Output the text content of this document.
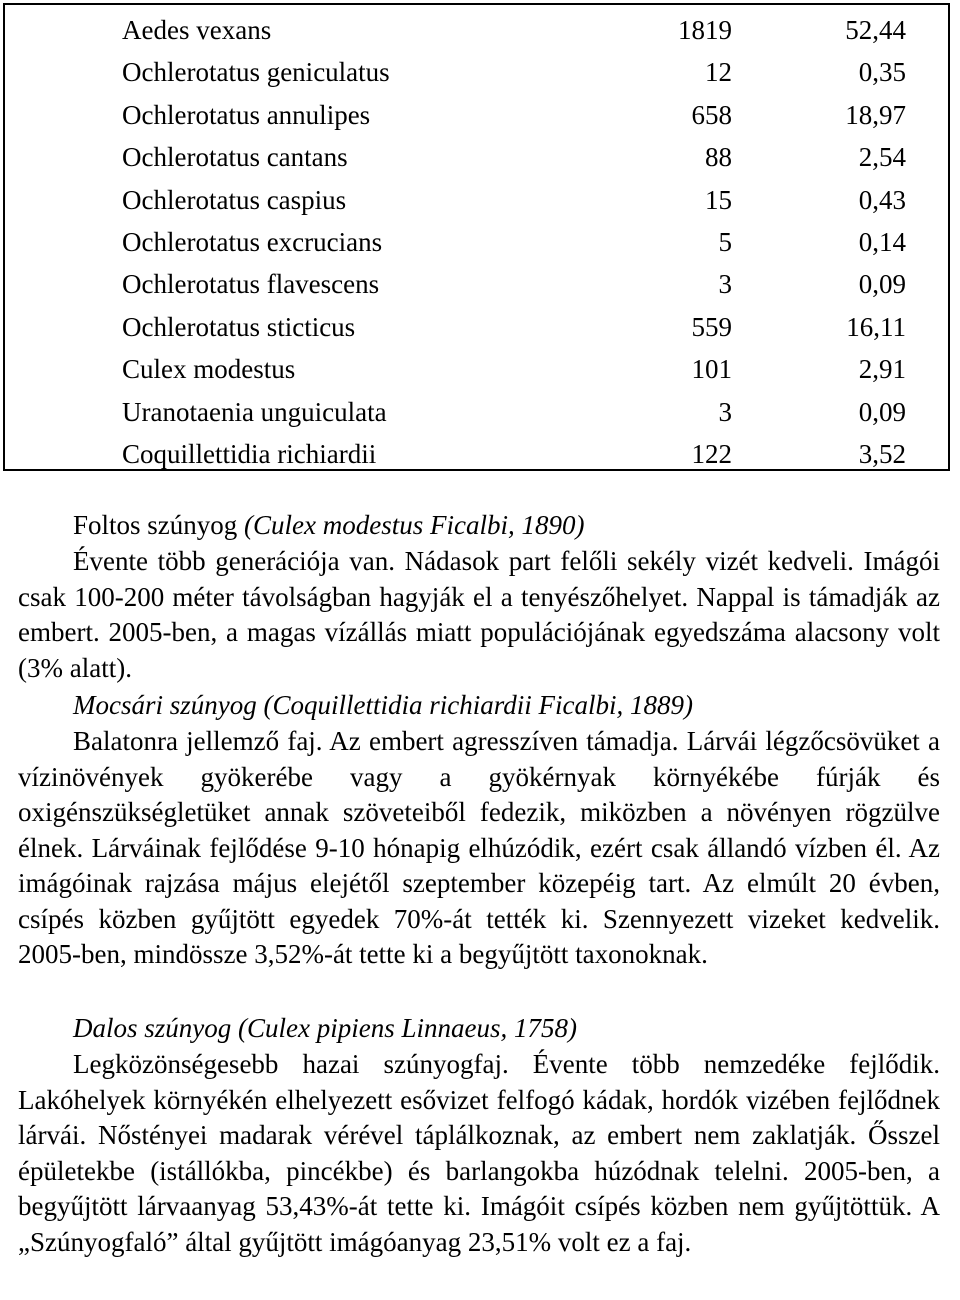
Aedes vexans	1819	52,44
Ochlerotatus geniculatus	12	0,35
Ochlerotatus annulipes	658	18,97
Ochlerotatus cantans	88	2,54
Ochlerotatus caspius	15	0,43
Ochlerotatus excrucians	5	0,14
Ochlerotatus flavescens	3	0,09
Ochlerotatus sticticus	559	16,11
Culex modestus	101	2,91
Uranotaenia unguiculata	3	0,09
Coquillettidia richiardii	122	3,52

Foltos szúnyog (Culex modestus Ficalbi, 1890)

Évente több generációja van. Nádasok part felőli sekély vizét kedveli. Imágói csak 100-200 méter távolságban hagyják el a tenyészőhelyet. Nappal is támadják az embert. 2005-ben, a magas vízállás miatt populációjának egyedszáma alacsony volt (3% alatt).

Mocsári szúnyog (Coquillettidia richiardii Ficalbi, 1889)

Balatonra jellemző faj. Az embert agresszíven támadja. Lárvái légzőcsövüket a vízinövények gyökerébe vagy a gyökérnyak környékébe fúrják és oxigénszükségletüket annak szöveteiből fedezik, miközben a növényen rögzülve élnek. Lárváinak fejlődése 9-10 hónapig elhúzódik, ezért csak állandó vízben él. Az imágóinak rajzása május elejétől szeptember közepéig tart. Az elmúlt 20 évben, csípés közben gyűjtött egyedek 70%-át tették ki. Szennyezett vizeket kedvelik. 2005-ben, mindössze 3,52%-át tette ki a begyűjtött taxonoknak.

Dalos szúnyog (Culex pipiens Linnaeus, 1758)

Legközönségesebb hazai szúnyogfaj. Évente több nemzedéke fejlődik. Lakóhelyek környékén elhelyezett esővizet felfogó kádak, hordók vizében fejlődnek lárvái. Nőstényei madarak vérével táplálkoznak, az embert nem zaklatják. Ősszel épületekbe (istállókba, pincékbe) és barlangokba húzódnak telelni. 2005-ben, a begyűjtött lárvaanyag 53,43%-át tette ki. Imágóit csípés közben nem gyűjtöttük. A „Szúnyogfaló” által gyűjtött imágóanyag 23,51% volt ez a faj.
